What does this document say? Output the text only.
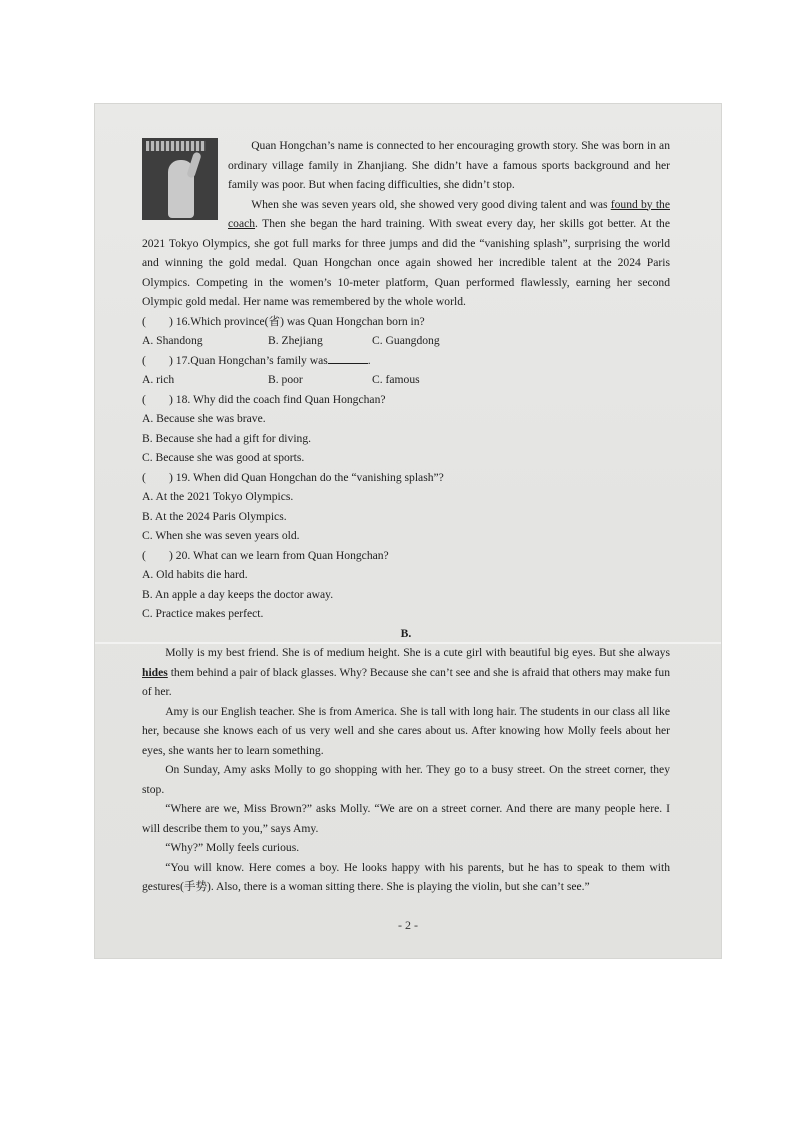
Quan Hongchan’s name is connected to her encouraging growth story. She was born in an ordinary village family in Zhanjiang. She didn’t have a famous sports background and her family was poor. But when facing difficulties, she didn’t stop.

When she was seven years old, she showed very good diving talent and was found by the coach. Then she began the hard training. With sweat every day, her skills got better. At the 2021 Tokyo Olympics, she got full marks for three jumps and did the “vanishing splash”, surprising the world and winning the gold medal. Quan Hongchan once again showed her incredible talent at the 2024 Paris Olympics. Competing in the women’s 10-meter platform, Quan performed flawlessly, earning her second Olympic gold medal. Her name was remembered by the whole world.

(　　) 16.Which province(省) was Quan Hongchan born in?

A. Shandong	B. Zhejiang	C. Guangdong

(　　) 17.Quan Hongchan’s family was	.

A. rich	B. poor	C. famous

(　　) 18. Why did the coach find Quan Hongchan?

A. Because she was brave.

B. Because she had a gift for diving.

C. Because she was good at sports.

(　　) 19. When did Quan Hongchan do the “vanishing splash”?

A. At the 2021 Tokyo Olympics.

B. At the 2024 Paris Olympics.

C. When she was seven years old.

(　　) 20. What can we learn from Quan Hongchan?

A. Old habits die hard.

B. An apple a day keeps the doctor away.

C. Practice makes perfect.

B.

Molly is my best friend. She is of medium height. She is a cute girl with beautiful big eyes. But she always hides them behind a pair of black glasses. Why? Because she can’t see and she is afraid that others may make fun of her.

Amy is our English teacher. She is from America. She is tall with long hair. The students in our class all like her, because she knows each of us very well and she cares about us. After knowing how Molly feels about her eyes, she wants her to learn something.

On Sunday, Amy asks Molly to go shopping with her. They go to a busy street. On the street corner, they stop.

“Where are we, Miss Brown?” asks Molly. “We are on a street corner. And there are many people here. I will describe them to you,” says Amy.

“Why?” Molly feels curious.

“You will know. Here comes a boy. He looks happy with his parents, but he has to speak to them with gestures(手势). Also, there is a woman sitting there. She is playing the violin, but she can’t see.”

- 2 -
